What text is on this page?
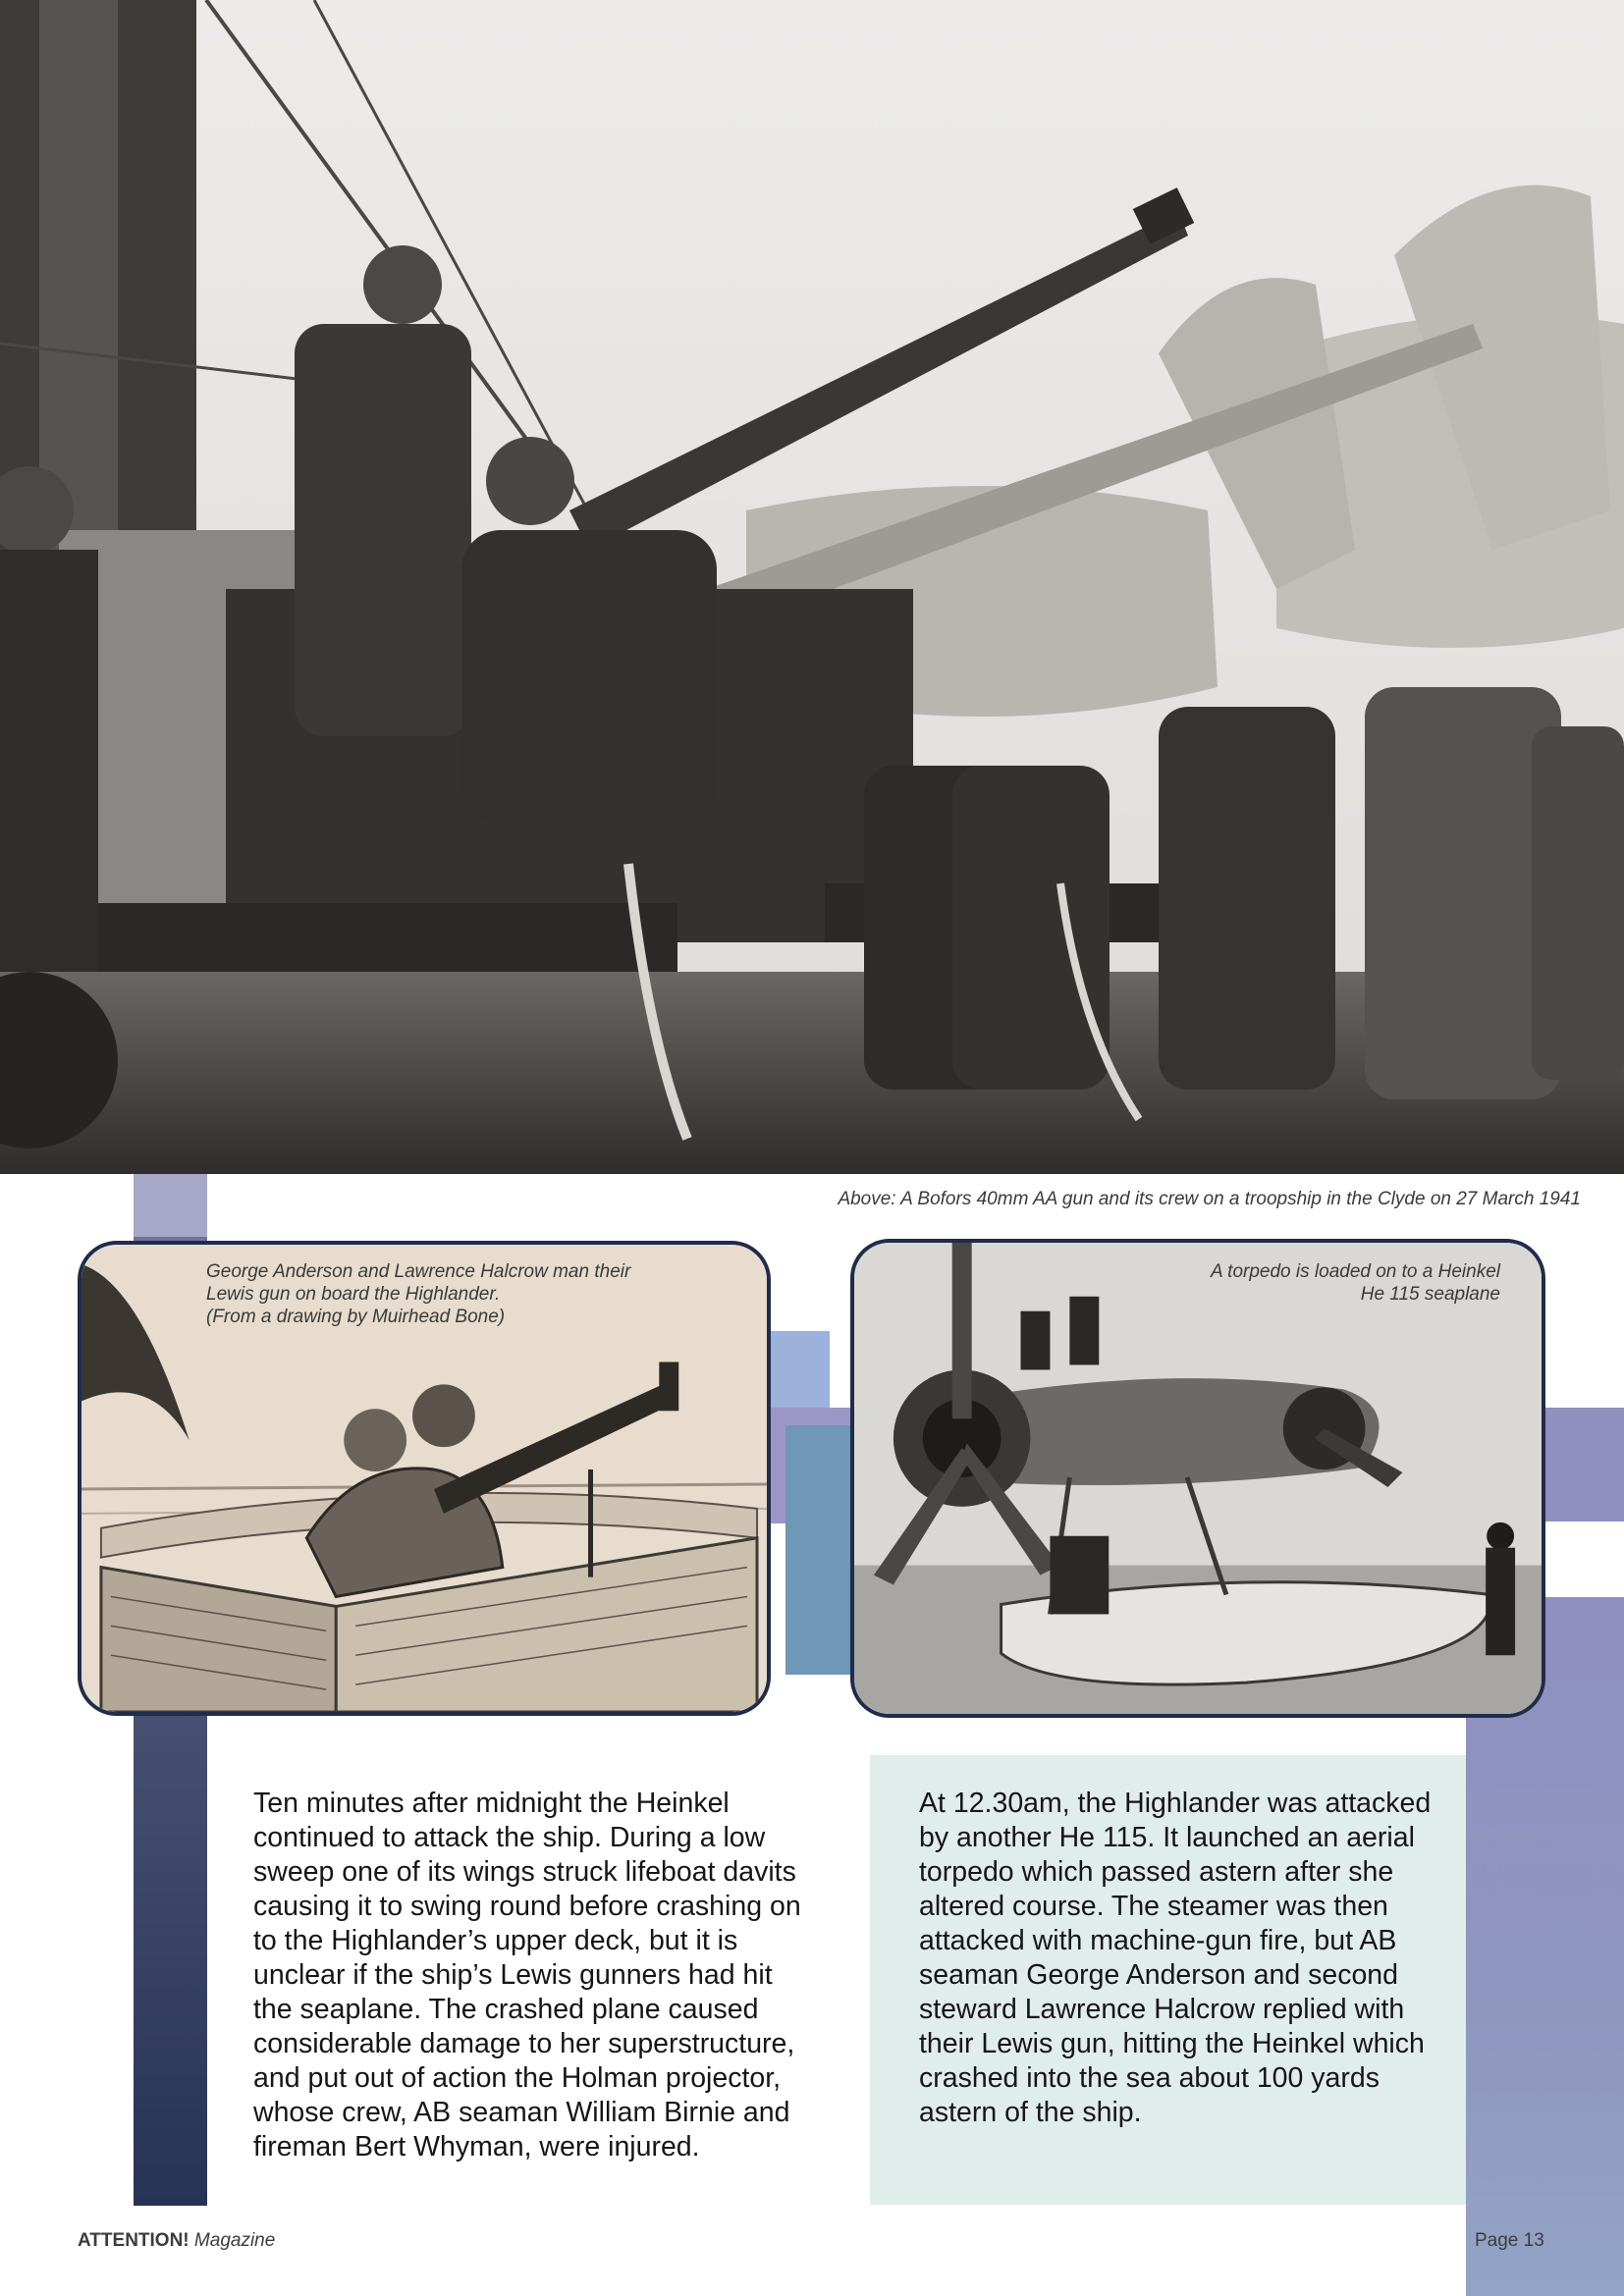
Above: A Bofors 40mm AA gun and its crew on a troopship in the Clyde on 27 March 1941
George Anderson and Lawrence Halcrow man their
Lewis gun on board the Highlander.
(From a drawing by Muirhead Bone)
A torpedo is loaded on to a Heinkel
He 115 seaplane
Ten minutes after midnight the Heinkel
continued to attack the ship. During a low
sweep one of its wings struck lifeboat davits
causing it to swing round before crashing on
to the Highlander’s upper deck, but it is
unclear if the ship’s Lewis gunners had hit
the seaplane. The crashed plane caused
considerable damage to her superstructure,
and put out of action the Holman projector,
whose crew, AB seaman William Birnie and
fireman Bert Whyman, were injured.
At 12.30am, the Highlander was attacked
by another He 115. It launched an aerial
torpedo which passed astern after she
altered course. The steamer was then
attacked with machine-gun fire, but AB
seaman George Anderson and second
steward Lawrence Halcrow replied with
their Lewis gun, hitting the Heinkel which
crashed into the sea about 100 yards
astern of the ship.
ATTENTION! Magazine	Page 13
